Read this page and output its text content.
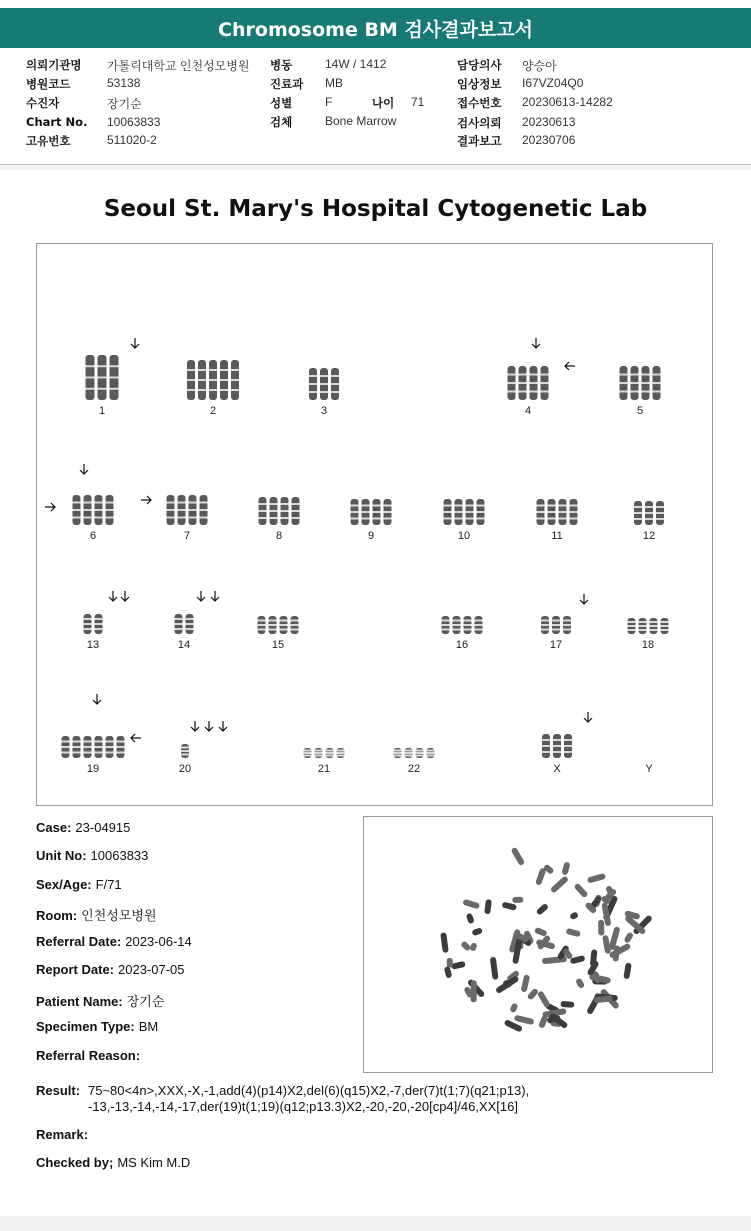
Chromosome BM 검사결과보고서
의뢰기관명 가톨릭대학교 인천성모병원
병원코드	53138
수진자	장기순
Chart No. 10063833
고유번호	511020-2
병동	14W / 1412
진료과 MB
성별	F	나이 71
검체	Bone Marrow
담당의사 양승아
임상정보 I67VZ04Q0
접수번호 20230613-14282
검사의뢰 20230613
결과보고 20230706
Seoul St. Mary's Hospital Cytogenetic Lab
1	2	3	4	5
6	7	8	9	10	11	12
13	14	15	16	17	18
19	20	21	22	X	Y
Case: 23-04915
Unit No: 10063833
Sex/Age: F/71
Room: 인천성모병원
Referral Date: 2023-06-14
Report Date: 2023-07-05
Patient Name: 장기순
Specimen Type: BM
Referral Reason:
Result: 75~80<4n>,XXX,-X,-1,add(4)(p14)X2,del(6)(q15)X2,-7,der(7)t(1;7)(q21;p13),
-13,-13,-14,-14,-17,der(19)t(1;19)(q12;p13.3)X2,-20,-20,-20[cp4]/46,XX[16]
Remark:
Checked by; MS Kim M.D
